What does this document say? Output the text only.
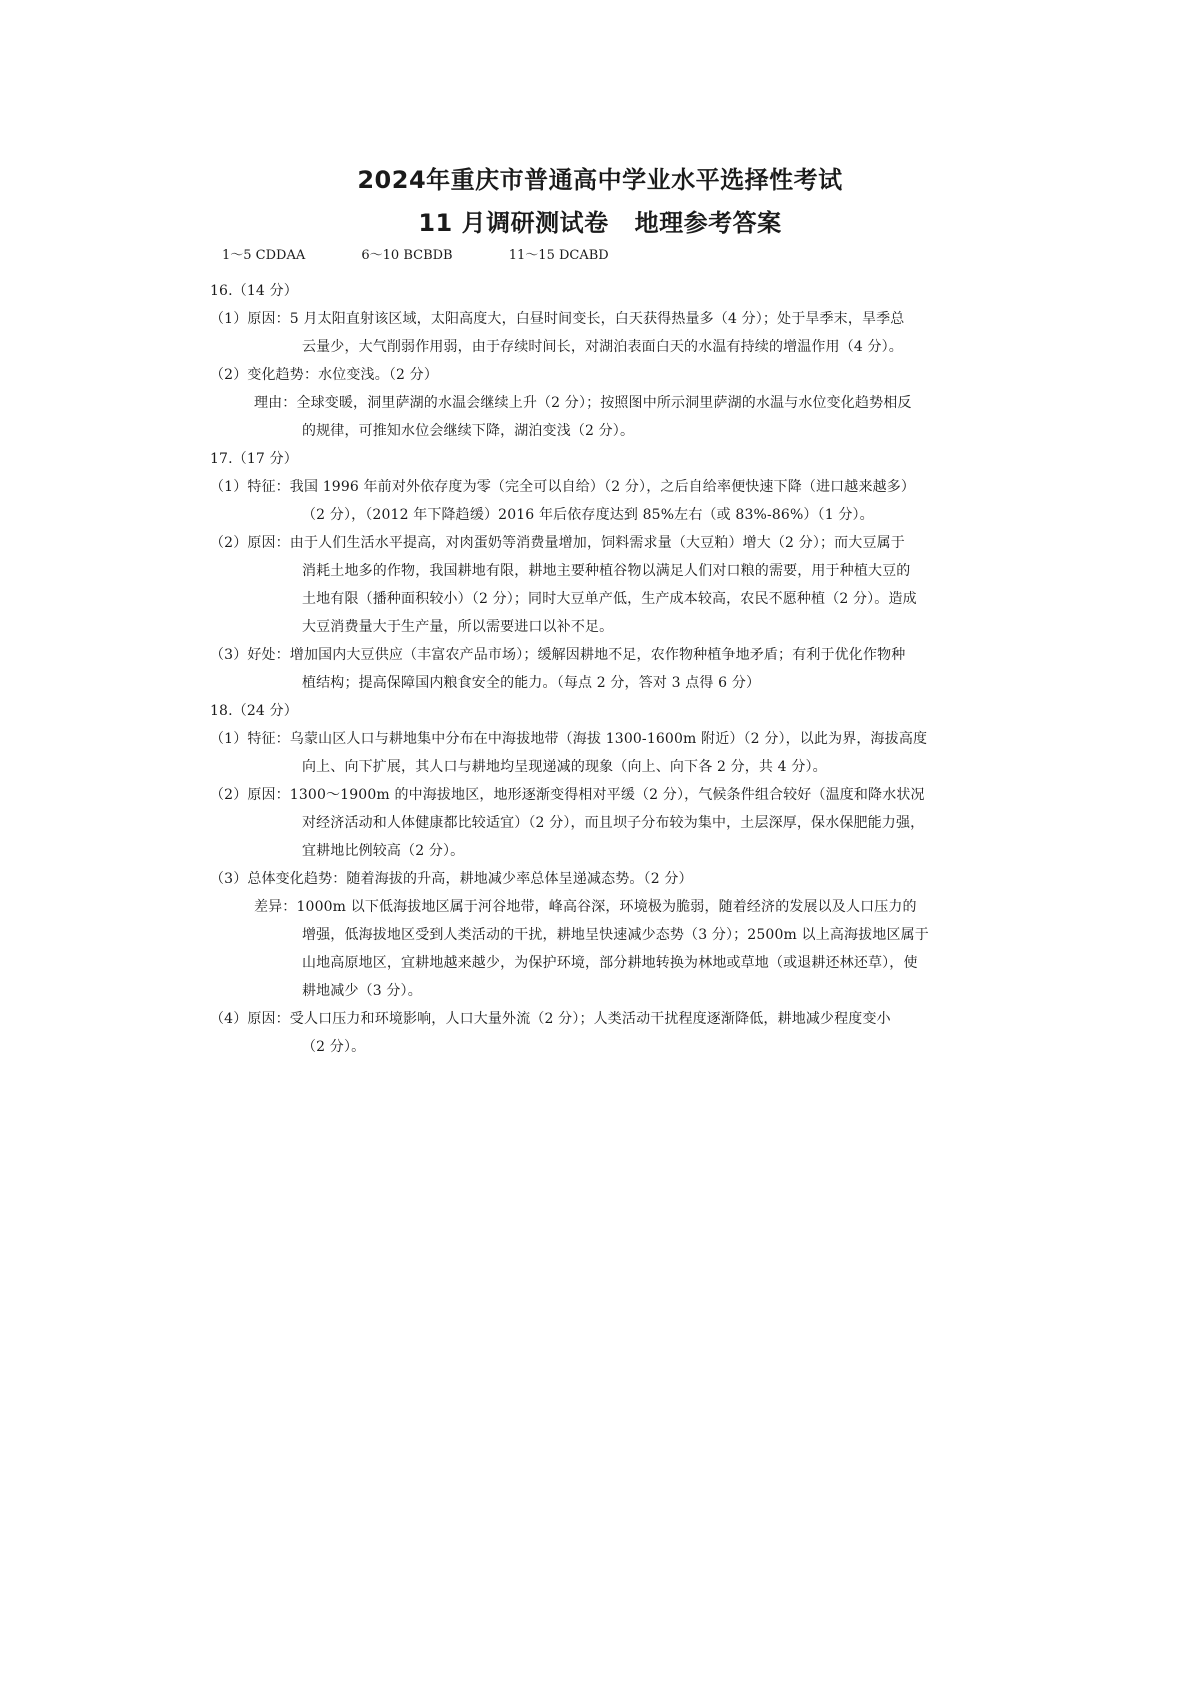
2024年重庆市普通高中学业水平选择性考试
11 月调研测试卷 地理参考答案
1～5 CDDAA	6～10 BCBDB	11～15 DCABD
16.（14 分）
（1）原因：5 月太阳直射该区域，太阳高度大，白昼时间变长，白天获得热量多（4 分）；处于旱季末，旱季总
云量少，大气削弱作用弱，由于存续时间长，对湖泊表面白天的水温有持续的增温作用（4 分）。
（2）变化趋势：水位变浅。（2 分）
理由：全球变暖，洞里萨湖的水温会继续上升（2 分）；按照图中所示洞里萨湖的水温与水位变化趋势相反
的规律，可推知水位会继续下降，湖泊变浅（2 分）。
17.（17 分）
（1）特征：我国 1996 年前对外依存度为零（完全可以自给）（2 分），之后自给率便快速下降（进口越来越多）
（2 分），（2012 年下降趋缓）2016 年后依存度达到 85%左右（或 83%-86%）（1 分）。
（2）原因：由于人们生活水平提高，对肉蛋奶等消费量增加，饲料需求量（大豆粕）增大（2 分）；而大豆属于
消耗土地多的作物，我国耕地有限，耕地主要种植谷物以满足人们对口粮的需要，用于种植大豆的
土地有限（播种面积较小）（2 分）；同时大豆单产低，生产成本较高，农民不愿种植（2 分）。造成
大豆消费量大于生产量，所以需要进口以补不足。
（3）好处：增加国内大豆供应（丰富农产品市场）；缓解因耕地不足，农作物种植争地矛盾；有利于优化作物种
植结构；提高保障国内粮食安全的能力。（每点 2 分，答对 3 点得 6 分）
18.（24 分）
（1）特征：乌蒙山区人口与耕地集中分布在中海拔地带（海拔 1300-1600m 附近）（2 分），以此为界，海拔高度
向上、向下扩展，其人口与耕地均呈现递减的现象（向上、向下各 2 分，共 4 分）。
（2）原因：1300～1900m 的中海拔地区，地形逐渐变得相对平缓（2 分），气候条件组合较好（温度和降水状况
对经济活动和人体健康都比较适宜）（2 分），而且坝子分布较为集中，土层深厚，保水保肥能力强，
宜耕地比例较高（2 分）。
（3）总体变化趋势：随着海拔的升高，耕地减少率总体呈递减态势。（2 分）
差异：1000m 以下低海拔地区属于河谷地带，峰高谷深，环境极为脆弱，随着经济的发展以及人口压力的
增强，低海拔地区受到人类活动的干扰，耕地呈快速减少态势（3 分）；2500m 以上高海拔地区属于
山地高原地区，宜耕地越来越少，为保护环境，部分耕地转换为林地或草地（或退耕还林还草），使
耕地减少（3 分）。
（4）原因：受人口压力和环境影响，人口大量外流（2 分）；人类活动干扰程度逐渐降低，耕地减少程度变小
（2 分）。
